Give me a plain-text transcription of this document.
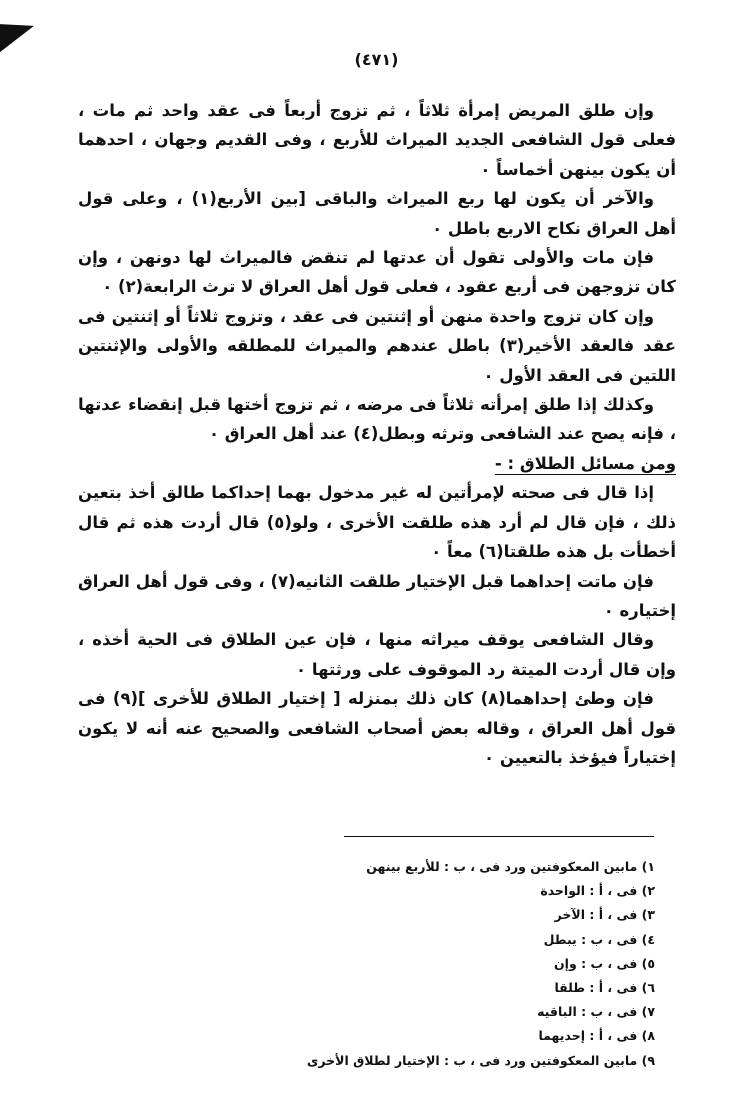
(٤٧١)

وإن طلق المريض إمرأة ثلاثاً ، ثم تزوج أربعاً فى عقد واحد ثم مات ، فعلى قول الشافعى الجديد الميراث للأربع ، وفى القديم وجهان ، احدهما أن يكون بينهن أخماساً ٠

والآخر أن يكون لها ربع الميراث والباقى [بين الأربع(١) ، وعلى قول أهل العراق نكاح الاربع باطل ٠

فإن مات والأولى تقول أن عدتها لم تنقض فالميراث لها دونهن ، وإن كان تزوجهن فى أربع عقود ، فعلى قول أهل العراق لا ترث الرابعة(٢) ٠

وإن كان تزوج واحدة منهن أو إثنتين فى عقد ، وتزوج ثلاثاً أو إثنتين فى عقد فالعقد الأخير(٣) باطل عندهم والميراث للمطلقه والأولى والإثنتين اللتين فى العقد الأول ٠

وكذلك إذا طلق إمرأته ثلاثاً فى مرضه ، ثم تزوج أختها قبل إنقضاء عدتها ، فإنه يصح عند الشافعى وترثه وبطل(٤) عند أهل العراق ٠

ومن مسائل الطلاق : -

إذا قال فى صحته لإمرأتين له غير مدخول بهما إحداكما طالق أخذ بتعين ذلك ، فإن قال لم أرد هذه طلقت الأخرى ، ولو(٥) قال أردت هذه ثم قال أخطأت بل هذه طلقتا(٦) معاً ٠

فإن ماتت إحداهما قبل الإختيار طلقت الثانيه(٧) ، وفى قول أهل العراق إختياره ٠

وقال الشافعى يوقف ميراثه منها ، فإن عين الطلاق فى الحية أخذه ، وإن قال أردت الميتة رد الموقوف على ورثتها ٠

فإن وطئ إحداهما(٨) كان ذلك بمنزله [ إختيار الطلاق للأخرى ](٩) فى قول أهل العراق ، وقاله بعض أصحاب الشافعى والصحيح عنه أنه لا يكون إختياراً فيؤخذ بالتعيين ٠

١) مابين المعكوفتين ورد فى ، ب : للأربع بينهن
٢) فى ، أ : الواحدة
٣) فى ، أ : الآخر
٤) فى ، ب : يبطل
٥) فى ، ب : وإن
٦) فى ، أ : طلقا
٧) فى ، ب : الباقيه
٨) فى ، أ : إحديهما
٩) مابين المعكوفتين ورد فى ، ب : الإختيار لطلاق الأخرى
